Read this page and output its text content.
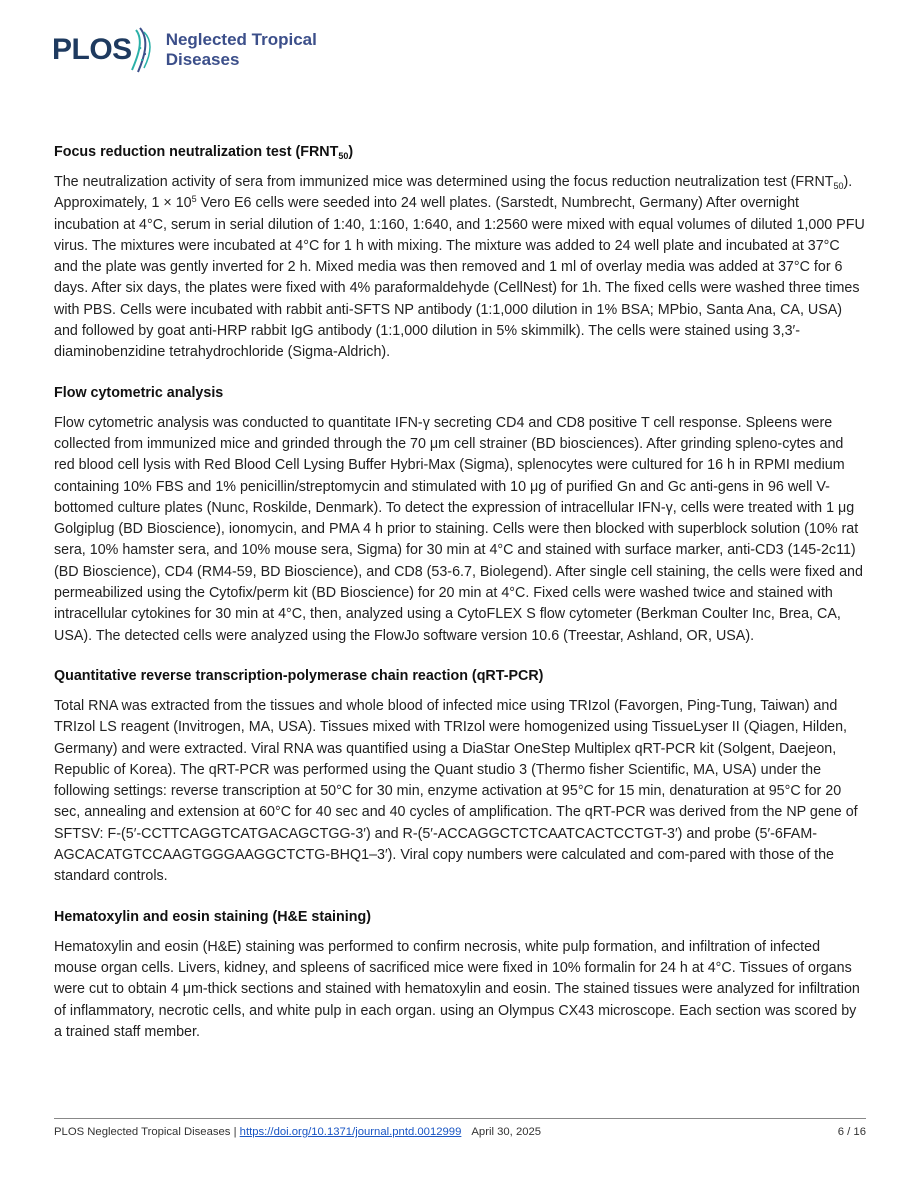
PLOS Neglected Tropical
Diseases
Focus reduction neutralization test $(FRNT_{50})$

The neutralization activity of sera from immunized mice was determined using the focus reduction neutralization test $(FRNT_{50})$. Approximately, $1 \times 10^5$ Vero E6 cells were seeded into 24 well plates. (Sarstedt, Numbrecht, Germany) After overnight incubation at 4°C, serum in serial dilution of 1:40, 1:160, 1:640, and 1:2560 were mixed with equal volumes of diluted 1,000 PFU virus. The mixtures were incubated at 4°C for 1 h with mixing. The mixture was added to 24 well plate and incubated at 37°C and the plate was gently inverted for 2 h. Mixed media was then removed and 1 ml of overlay media was added at 37°C for 6 days. After six days, the plates were fixed with 4% paraformaldehyde (CellNest) for 1h. The fixed cells were washed three times with PBS. Cells were incubated with rabbit anti-SFTS NP antibody (1:1,000 dilution in 1% BSA; MPbio, Santa Ana, CA, USA) and followed by goat anti-HRP rabbit IgG antibody (1:1,000 dilution in 5% skimmilk). The cells were stained using 3,3′-diaminobenzidine tetrahydrochloride (Sigma-Aldrich).

Flow cytometric analysis

Flow cytometric analysis was conducted to quantitate IFN-γ secreting CD4 and CD8 positive T cell response. Spleens were collected from immunized mice and grinded through the 70 μm cell strainer (BD biosciences). After grinding spleno-cytes and red blood cell lysis with Red Blood Cell Lysing Buffer Hybri-Max (Sigma), splenocytes were cultured for 16 h in RPMI medium containing 10% FBS and 1% penicillin/streptomycin and stimulated with 10 μg of purified Gn and Gc anti-gens in 96 well V-bottomed culture plates (Nunc, Roskilde, Denmark). To detect the expression of intracellular IFN-γ, cells were treated with 1 μg Golgiplug (BD Bioscience), ionomycin, and PMA 4 h prior to staining. Cells were then blocked with superblock solution (10% rat sera, 10% hamster sera, and 10% mouse sera, Sigma) for 30 min at 4°C and stained with surface marker, anti-CD3 (145-2c11) (BD Bioscience), CD4 (RM4-59, BD Bioscience), and CD8 (53-6.7, Biolegend). After single cell staining, the cells were fixed and permeabilized using the Cytofix/perm kit (BD Bioscience) for 20 min at 4°C. Fixed cells were washed twice and stained with intracellular cytokines for 30 min at 4°C, then, analyzed using a CytoFLEX S flow cytometer (Berkman Coulter Inc, Brea, CA, USA). The detected cells were analyzed using the FlowJo software version 10.6 (Treestar, Ashland, OR, USA).

Quantitative reverse transcription-polymerase chain reaction (qRT-PCR)

Total RNA was extracted from the tissues and whole blood of infected mice using TRIzol (Favorgen, Ping-Tung, Taiwan) and TRIzol LS reagent (Invitrogen, MA, USA). Tissues mixed with TRIzol were homogenized using TissueLyser II (Qiagen, Hilden, Germany) and were extracted. Viral RNA was quantified using a DiaStar OneStep Multiplex qRT-PCR kit (Solgent, Daejeon, Republic of Korea). The qRT-PCR was performed using the Quant studio 3 (Thermo fisher Scientific, MA, USA) under the following settings: reverse transcription at 50°C for 30 min, enzyme activation at 95°C for 15 min, denaturation at 95°C for 20 sec, annealing and extension at 60°C for 40 sec and 40 cycles of amplification. The qRT-PCR was derived from the NP gene of SFTSV: F-(5′-CCTTCAGGTCATGACAGCTGG-3′) and R-(5′-ACCAGGCTCTCAATCACTCCTGT-3′) and probe (5′-6FAM-AGCACATGTCCAAGTGGGAAGGCTCTG-BHQ1–3′). Viral copy numbers were calculated and com-pared with those of the standard controls.

Hematoxylin and eosin staining (H&E staining)

Hematoxylin and eosin (H&E) staining was performed to confirm necrosis, white pulp formation, and infiltration of infected mouse organ cells. Livers, kidney, and spleens of sacrificed mice were fixed in 10% formalin for 24 h at 4°C. Tissues of organs were cut to obtain 4 μm-thick sections and stained with hematoxylin and eosin. The stained tissues were analyzed for infiltration of inflammatory, necrotic cells, and white pulp in each organ. using an Olympus CX43 microscope. Each section was scored by a trained staff member.

PLOS Neglected Tropical Diseases |
https://doi.org/10.1371/journal.pntd.0012999 April 30, 2025	6 / 16
